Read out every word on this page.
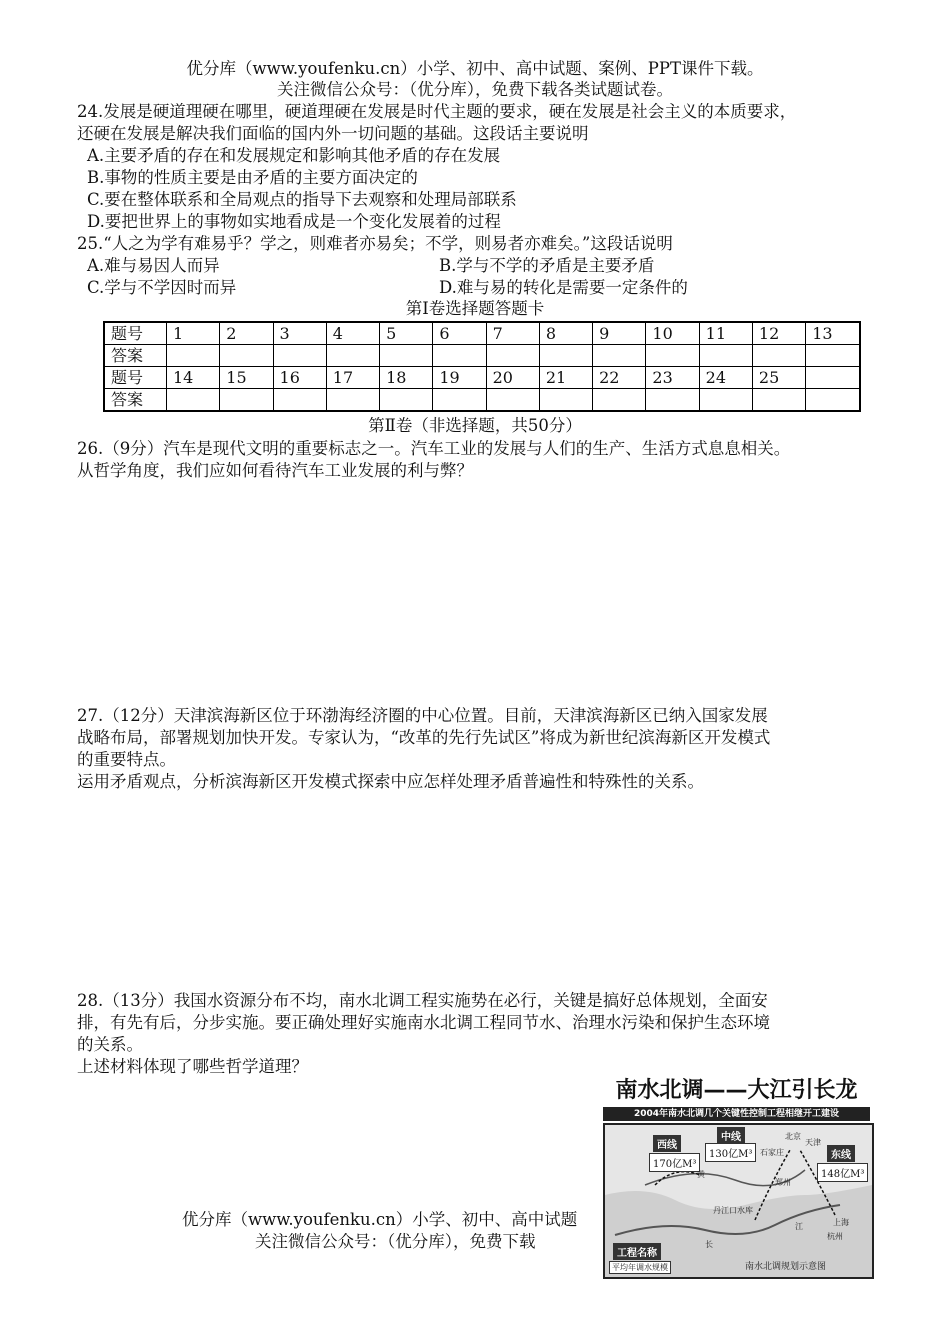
优分库（www.youfenku.cn）小学、初中、高中试题、案例、PPT课件下载。
关注微信公众号：（优分库），免费下载各类试题试卷。
24.发展是硬道理硬在哪里，硬道理硬在发展是时代主题的要求，硬在发展是社会主义的本质要求，
还硬在发展是解决我们面临的国内外一切问题的基础。这段话主要说明
A.主要矛盾的存在和发展规定和影响其他矛盾的存在发展
B.事物的性质主要是由矛盾的主要方面决定的
C.要在整体联系和全局观点的指导下去观察和处理局部联系
D.要把世界上的事物如实地看成是一个变化发展着的过程
25.“人之为学有难易乎？学之，则难者亦易矣；不学，则易者亦难矣。”这段话说明
A.难与易因人而异	B.学与不学的矛盾是主要矛盾
C.学与不学因时而异	D.难与易的转化是需要一定条件的
第Ⅰ卷选择题答题卡
题号	1	2	3	4	5	6	7	8	9	10	11	12	13
答案													
题号	14	15	16	17	18	19	20	21	22	23	24	25	
答案													
第Ⅱ卷（非选择题，共50分）
26.（9分）汽车是现代文明的重要标志之一。汽车工业的发展与人们的生产、生活方式息息相关。
从哲学角度，我们应如何看待汽车工业发展的利与弊？
27.（12分）天津滨海新区位于环渤海经济圈的中心位置。目前，天津滨海新区已纳入国家发展
战略布局，部署规划加快开发。专家认为，“改革的先行先试区”将成为新世纪滨海新区开发模式
的重要特点。
运用矛盾观点，分析滨海新区开发模式探索中应怎样处理矛盾普遍性和特殊性的关系。
28.（13分）我国水资源分布不均，南水北调工程实施势在必行，关键是搞好总体规划，全面安
排，有先有后，分步实施。要正确处理好实施南水北调工程同节水、治理水污染和保护生态环境
的关系。
上述材料体现了哪些哲学道理？
南水北调——大江引长龙
2004年南水北调几个关键性控制工程相继开工建设
西线
170亿M³
中线
130亿M³	东线
148亿M³
北京
天津
石家庄
郑州
丹江口水库
上海
杭州
黄
长
江
工程名称
平均年调水规模	南水北调规划示意图
优分库（www.youfenku.cn）小学、初中、高中试题
关注微信公众号：（优分库），免费下载
